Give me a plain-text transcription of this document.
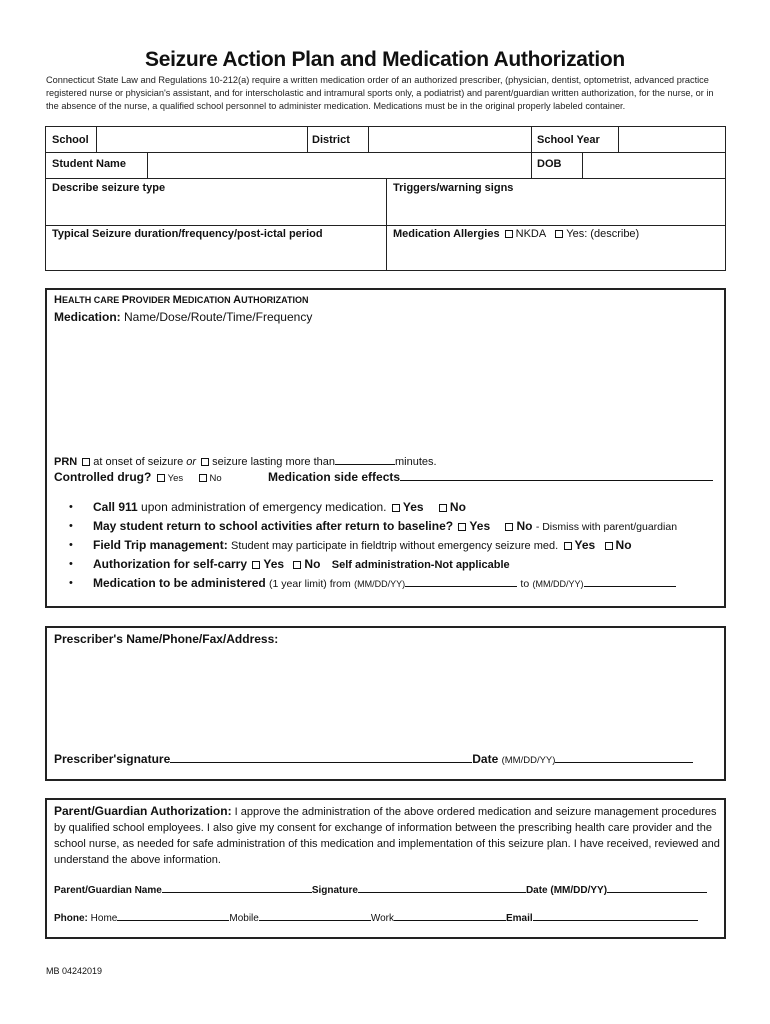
Seizure Action Plan and Medication Authorization
Connecticut State Law and Regulations 10-212(a) require a written medication order of an authorized prescriber, (physician, dentist, optometrist, advanced practice registered nurse or physician's assistant, and for interscholastic and intramural sports only, a podiatrist) and parent/guardian written authorization, for the nurse, or in the absence of the nurse, a qualified school personnel to administer medication. Medications must be in the original properly labeled container.
School	District	School Year
Student Name	DOB
Describe seizure type	Triggers/warning signs
Typical Seizure duration/frequency/post-ictal period	Medication Allergies NKDA Yes: (describe)
HEALTH CARE PROVIDER MEDICATION AUTHORIZATION
Medication: Name/Dose/Route/Time/Frequency
PRN at onset of seizure or seizure lasting more than	minutes.
Controlled drug? Yes	No	Medication side effects
• Call 911 upon administration of emergency medication. Yes No
• May student return to school activities after return to baseline? Yes No - Dismiss with parent/guardian
• Field Trip management: Student may participate in fieldtrip without emergency seizure med. Yes No
• Authorization for self-carry Yes No Self administration-Not applicable
• Medication to be administered (1 year limit) from (MM/DD/YY)	to (MM/DD/YY)
Prescriber's Name/Phone/Fax/Address:
Prescriber'signature	Date (MM/DD/YY)
Parent/Guardian Authorization: I approve the administration of the above ordered medication and seizure management procedures by qualified school employees. I also give my consent for exchange of information between the prescribing health care provider and the school nurse, as needed for safe administration of this medication and implementation of this seizure plan. I have received, reviewed and understand the above information.
Parent/Guardian Name	Signature	Date (MM/DD/YY)
Phone: Home	Mobile	Work	Email
MB 04242019
